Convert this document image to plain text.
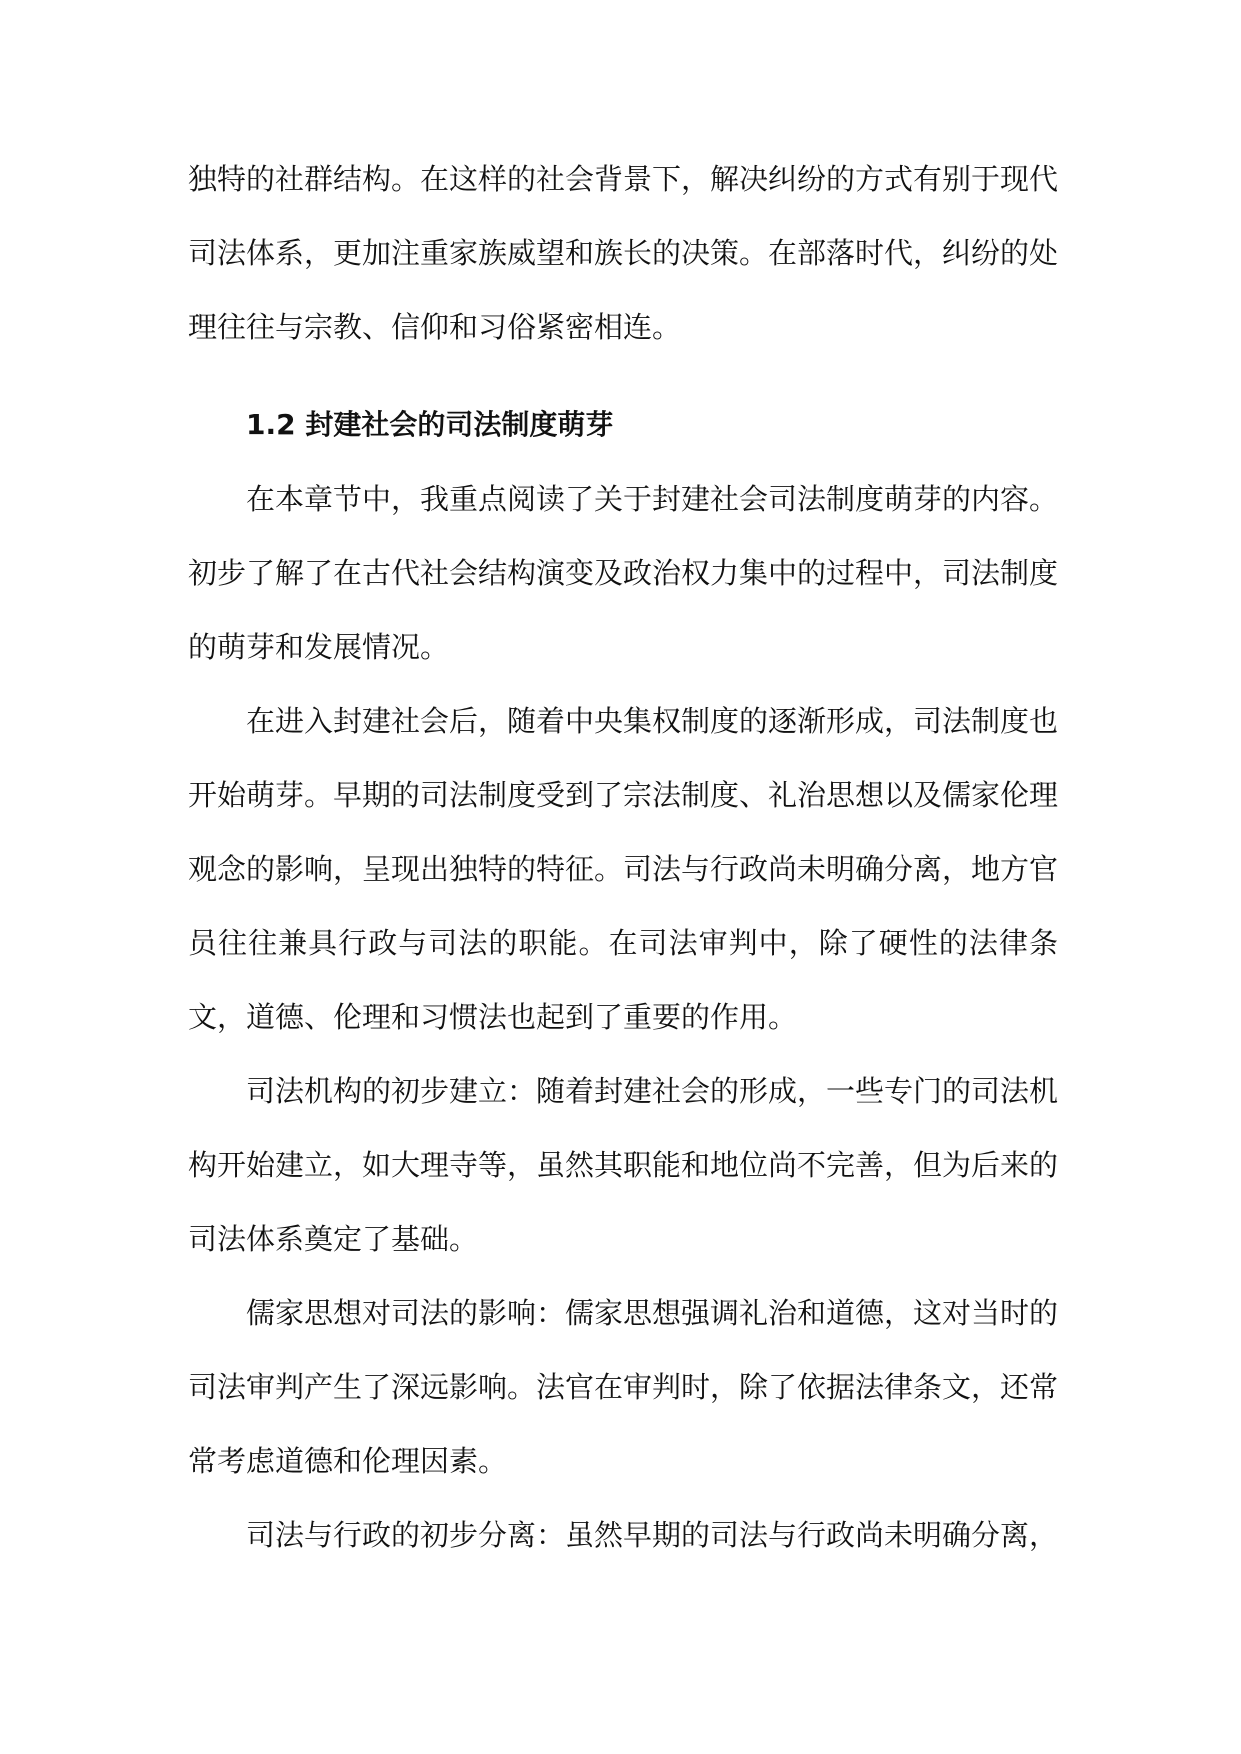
独特的社群结构。在这样的社会背景下，解决纠纷的方式有别于现代司法体系，更加注重家族威望和族长的决策。在部落时代，纠纷的处理往往与宗教、信仰和习俗紧密相连。

1.2 封建社会的司法制度萌芽

在本章节中，我重点阅读了关于封建社会司法制度萌芽的内容。初步了解了在古代社会结构演变及政治权力集中的过程中，司法制度的萌芽和发展情况。

在进入封建社会后，随着中央集权制度的逐渐形成，司法制度也开始萌芽。早期的司法制度受到了宗法制度、礼治思想以及儒家伦理观念的影响，呈现出独特的特征。司法与行政尚未明确分离，地方官员往往兼具行政与司法的职能。在司法审判中，除了硬性的法律条文，道德、伦理和习惯法也起到了重要的作用。

司法机构的初步建立：随着封建社会的形成，一些专门的司法机构开始建立，如大理寺等，虽然其职能和地位尚不完善，但为后来的司法体系奠定了基础。

儒家思想对司法的影响：儒家思想强调礼治和道德，这对当时的司法审判产生了深远影响。法官在审判时，除了依据法律条文，还常常考虑道德和伦理因素。

司法与行政的初步分离：虽然早期的司法与行政尚未明确分离，
